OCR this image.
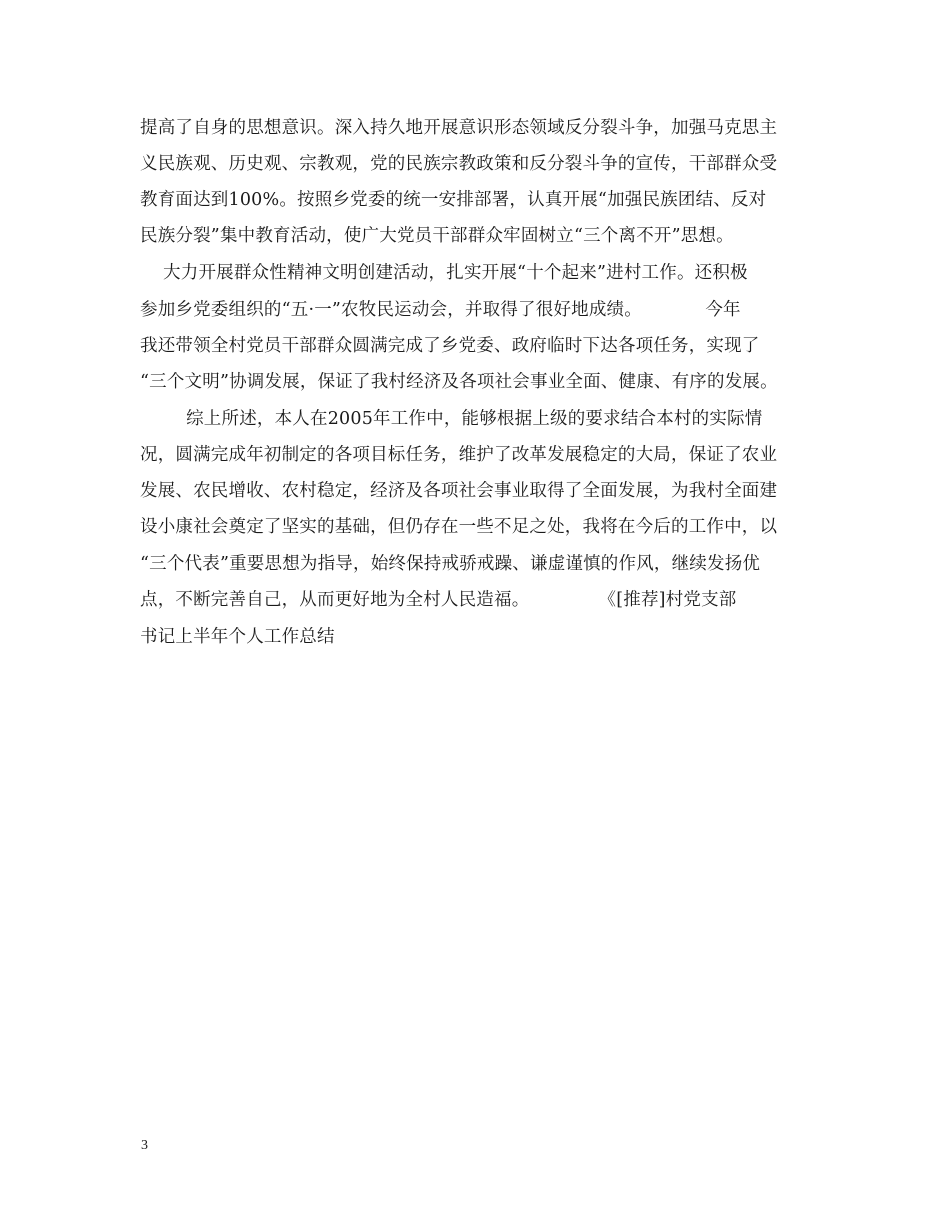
提高了自身的思想意识。深入持久地开展意识形态领域反分裂斗争，加强马克思主
义民族观、历史观、宗教观，党的民族宗教政策和反分裂斗争的宣传，干部群众受
教育面达到100%。按照乡党委的统一安排部署，认真开展“加强民族团结、反对
民族分裂”集中教育活动，使广大党员干部群众牢固树立“三个离不开”思想。
大力开展群众性精神文明创建活动，扎实开展“十个起来”进村工作。还积极
参加乡党委组织的“五·一”农牧民运动会，并取得了很好地成绩。           今年
我还带领全村党员干部群众圆满完成了乡党委、政府临时下达各项任务，实现了
“三个文明”协调发展，保证了我村经济及各项社会事业全面、健康、有序的发展。
综上所述，本人在2005年工作中，能够根据上级的要求结合本村的实际情
况，圆满完成年初制定的各项目标任务，维护了改革发展稳定的大局，保证了农业
发展、农民增收、农村稳定，经济及各项社会事业取得了全面发展，为我村全面建
设小康社会奠定了坚实的基础，但仍存在一些不足之处，我将在今后的工作中，以
“三个代表”重要思想为指导，始终保持戒骄戒躁、谦虚谨慎的作风，继续发扬优
点，不断完善自己，从而更好地为全村人民造福。            《[推荐]村党支部
书记上半年个人工作总结
3
